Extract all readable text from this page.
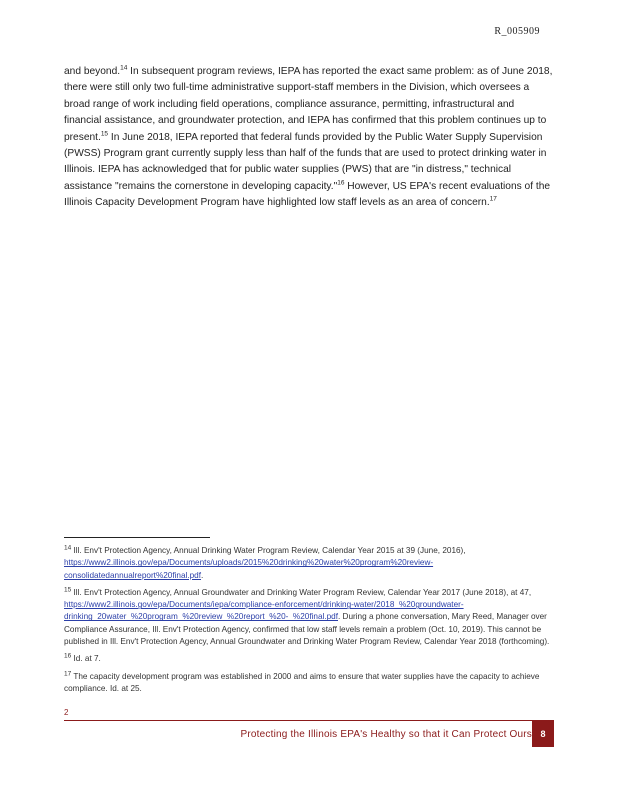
R_005909

and beyond.$^{14}$ In subsequent program reviews, IEPA has reported the exact same problem: as of June 2018, there were still only two full-time administrative support-staff members in the Division, which oversees a broad range of work including field operations, compliance assurance, permitting, infrastructural and financial assistance, and groundwater protection, and IEPA has confirmed that this problem continues up to present.$^{15}$ In June 2018, IEPA reported that federal funds provided by the Public Water Supply Supervision (PWSS) Program grant currently supply less than half of the funds that are used to protect drinking water in Illinois. IEPA has acknowledged that for public water supplies (PWS) that are "in distress," technical assistance "remains the cornerstone in developing capacity."$^{16}$ However, US EPA's recent evaluations of the Illinois Capacity Development Program have highlighted low staff levels as an area of concern.$^{17}$

$^{14}$ Ill. Env't Protection Agency, Annual Drinking Water Program Review, Calendar Year 2015 at 39 (June, 2016), https://www2.illinois.gov/epa/Documents/uploads/2015%20drinking%20water%20program%20review-consolidatedannualreport%20final.pdf.

$^{15}$ Ill. Env't Protection Agency, Annual Groundwater and Drinking Water Program Review, Calendar Year 2017 (June 2018), at 47, https://www2.illinois.gov/epa/Documents/iepa/compliance-enforcement/drinking-water/2018_%20groundwater-drinking_20water_%20program_%20review_%20report_%20-_%20final.pdf. During a phone conversation, Mary Reed, Manager over Compliance Assurance, Ill. Env't Protection Agency, confirmed that low staff levels remain a problem (Oct. 10, 2019). This cannot be published in Ill. Env't Protection Agency, Annual Groundwater and Drinking Water Program Review, Calendar Year 2018 (forthcoming).

$^{16}$ Id. at 7.

$^{17}$ The capacity development program was established in 2000 and aims to ensure that water supplies have the capacity to achieve compliance. Id. at 25.

2
Protecting the Illinois EPA's Healthy so that it Can Protect Ours 8
